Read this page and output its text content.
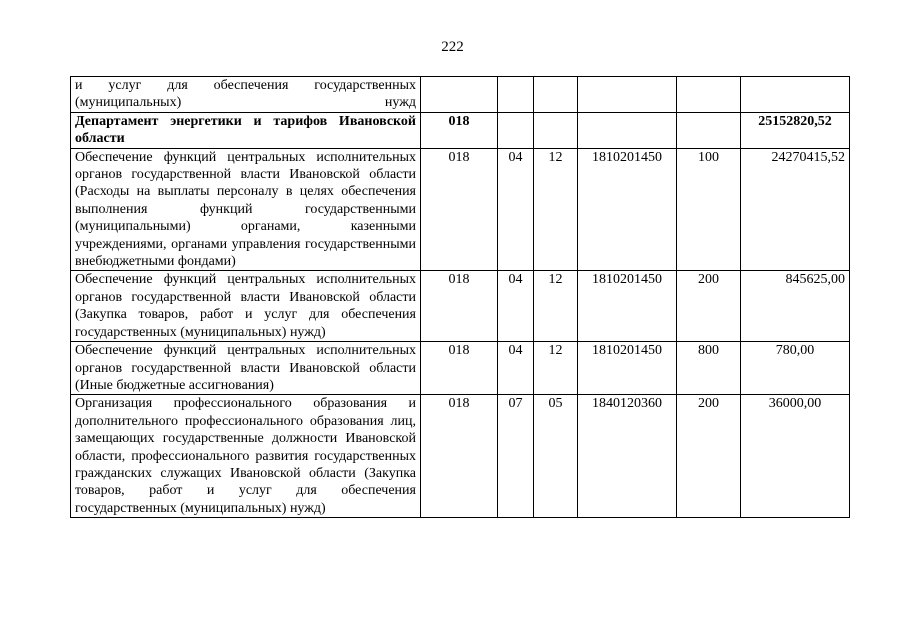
222
и услуг для обеспечения государственных (муниципальных) нужд						
Департамент энергетики и тарифов Ивановской области	018					25152820,52
Обеспечение функций центральных исполнительных органов государственной власти Ивановской области (Расходы на выплаты персоналу в целях обеспечения выполнения функций государственными (муниципальными) органами, казенными учреждениями, органами управления государственными внебюджетными фондами)	018	04	12	1810201450	100	24270415,52
Обеспечение функций центральных исполнительных органов государственной власти Ивановской области (Закупка товаров, работ и услуг для обеспечения государственных (муниципальных) нужд)	018	04	12	1810201450	200	845625,00
Обеспечение функций центральных исполнительных органов государственной власти Ивановской области (Иные бюджетные ассигнования)	018	04	12	1810201450	800	780,00
Организация профессионального образования и дополнительного профессионального образования лиц, замещающих государственные должности Ивановской области, профессионального развития государственных гражданских служащих Ивановской области (Закупка товаров, работ и услуг для обеспечения государственных (муниципальных) нужд)	018	07	05	1840120360	200	36000,00
